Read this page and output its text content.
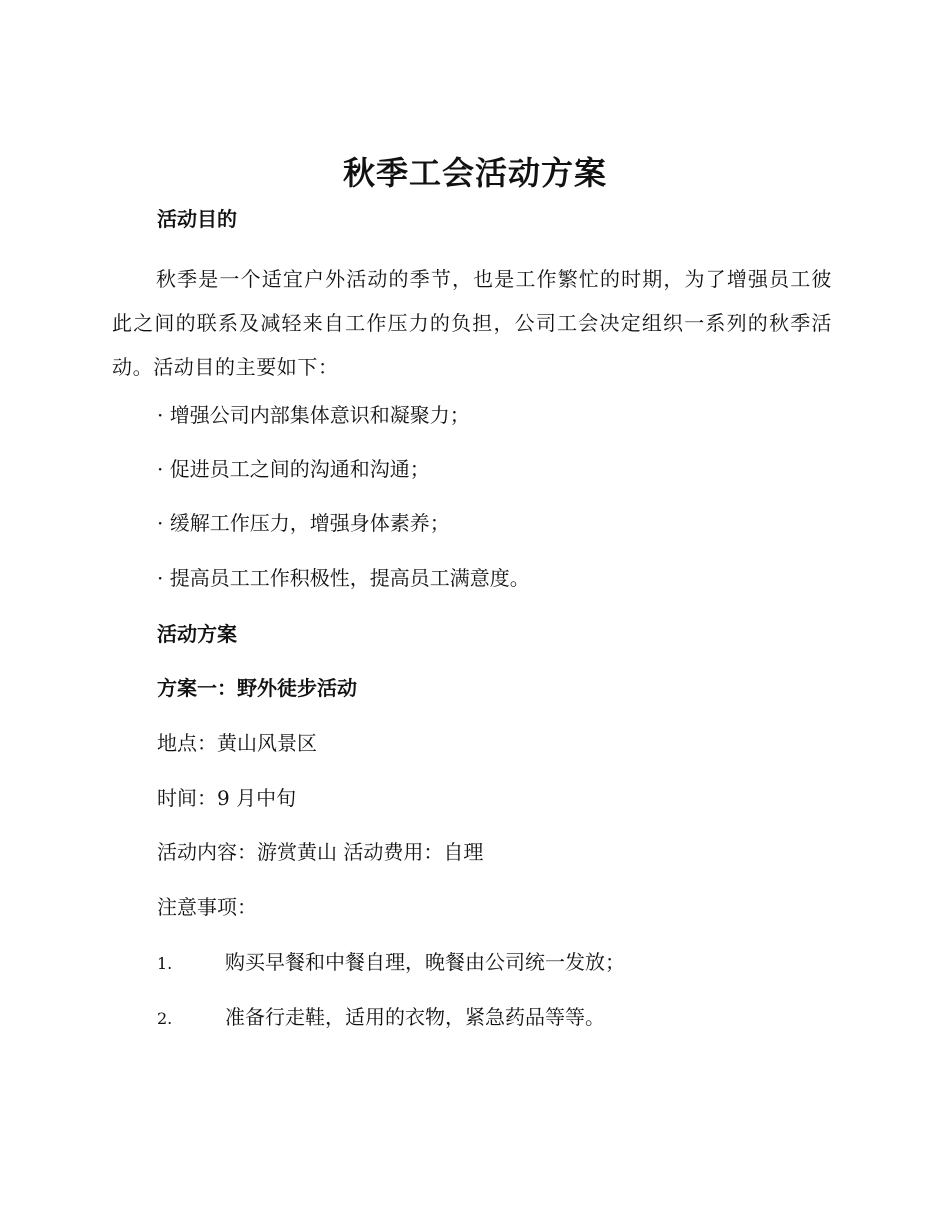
秋季工会活动方案
活动目的
秋季是一个适宜户外活动的季节，也是工作繁忙的时期，为了增强员工彼此之间的联系及减轻来自工作压力的负担，公司工会决定组织一系列的秋季活动。活动目的主要如下：
· 增强公司内部集体意识和凝聚力；
· 促进员工之间的沟通和沟通；
· 缓解工作压力，增强身体素养；
· 提高员工工作积极性，提高员工满意度。
活动方案
方案一：野外徒步活动
地点：黄山风景区
时间：9 月中旬
活动内容：游赏黄山 活动费用：自理
注意事项：
1.	购买早餐和中餐自理，晚餐由公司统一发放；
2.	准备行走鞋，适用的衣物，紧急药品等等。
